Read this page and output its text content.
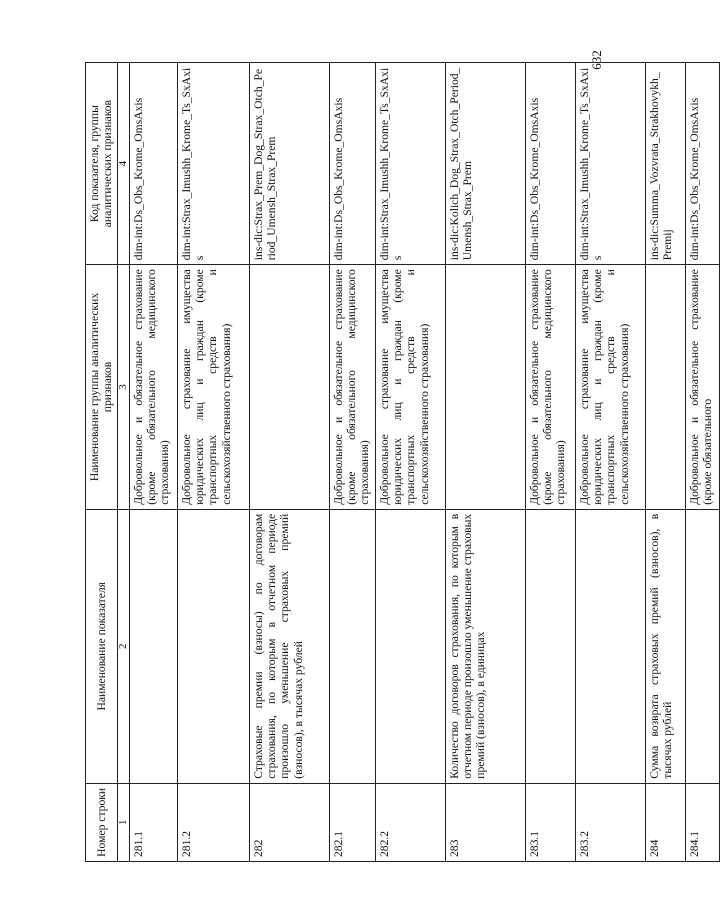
632
Номер строки	Наименование показателя	Наименование группы аналитических признаков	Код показателя, группы аналитических признаков
1	2	3	4
281.1		Добровольное и обязательное страхование (кроме обязательного медицинского страхования)	dim-int:Ds_Obs_Krome_OmsAxis
281.2		Добровольное страхование имущества юридических лиц и граждан (кроме транспортных средств и сельскохозяйственного страхования)	dim-int:Strax_Imushh_Krome_Ts_SxAxis
282	Страховые премии (взносы) по договорам страхования, по которым в отчетном периоде произошло уменьшение страховых премий (взносов), в тысячах рублей		ins-dic:Strax_Prem_Dog_Strax_Otch_Period_Umensh_Strax_Prem
282.1		Добровольное и обязательное страхование (кроме обязательного медицинского страхования)	dim-int:Ds_Obs_Krome_OmsAxis
282.2		Добровольное страхование имущества юридических лиц и граждан (кроме транспортных средств и сельскохозяйственного страхования)	dim-int:Strax_Imushh_Krome_Ts_SxAxis
283	Количество договоров страхования, по которым в отчетном периоде произошло уменьшение страховых премий (взносов), в единицах		ins-dic:Kolich_Dog_Strax_Otch_Period_Umensh_Strax_Prem
283.1		Добровольное и обязательное страхование (кроме обязательного медицинского страхования)	dim-int:Ds_Obs_Krome_OmsAxis
283.2		Добровольное страхование имущества юридических лиц и граждан (кроме транспортных средств и сельскохозяйственного страхования)	dim-int:Strax_Imushh_Krome_Ts_SxAxis
284	Сумма возврата страховых премий (взносов), в тысячах рублей		ins-dic:Summa_Vozvrata_Strakhovykh_Premij
284.1		Добровольное и обязательное страхование (кроме обязательного	dim-int:Ds_Obs_Krome_OmsAxis
